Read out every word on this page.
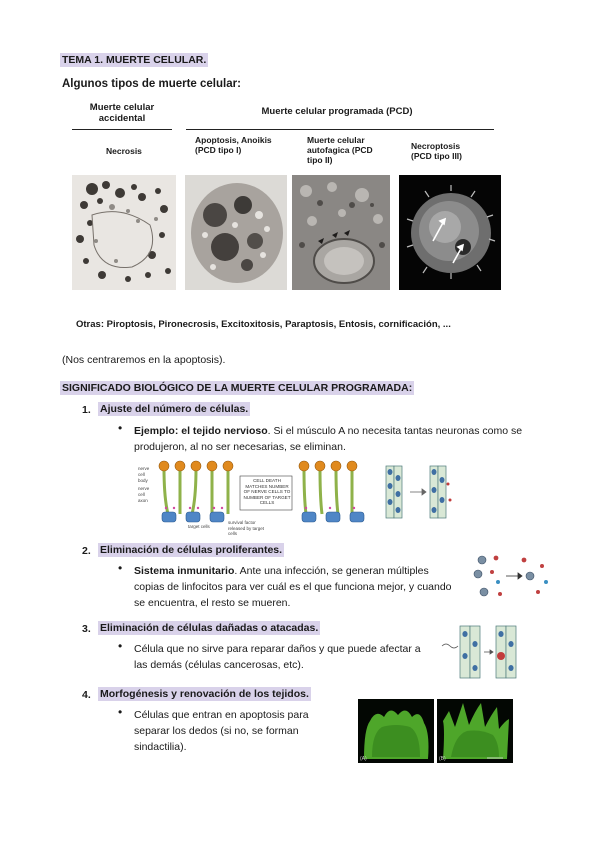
TEMA 1. MUERTE CELULAR.
Algunos tipos de muerte celular:
Muerte celular accidental
Muerte celular programada (PCD)
Necrosis
Apoptosis, Anoikis (PCD tipo I)
Muerte celular autofagica (PCD tipo II)
Necroptosis (PCD tipo III)
Otras: Piroptosis, Pironecrosis, Excitoxitosis, Paraptosis, Entosis, cornificación, ...
(Nos centraremos en la apoptosis).
SIGNIFICADO BIOLÓGICO DE LA MUERTE CELULAR PROGRAMADA:
1. Ajuste del número de células.
• Ejemplo: el tejido nervioso. Si el músculo A no necesita tantas neuronas como se produjeron, al no ser necesarias, se eliminan.
nerve cell body
nerve cell axon
CELL DEATH MATCHES NUMBER OF NERVE CELLS TO NUMBER OF TARGET CELLS
target cells
survival factor released by target cells
2. Eliminación de células proliferantes.
• Sistema inmunitario. Ante una infección, se generan múltiples copias de linfocitos para ver cuál es el que funciona mejor, y cuando se encuentra, el resto se mueren.
3. Eliminación de células dañadas o atacadas.
• Célula que no sirve para reparar daños y que puede afectar a las demás (células cancerosas, etc).
4. Morfogénesis y renovación de los tejidos.
• Células que entran en apoptosis para separar los dedos (si no, se forman sindactilia).
(A)	(B)
